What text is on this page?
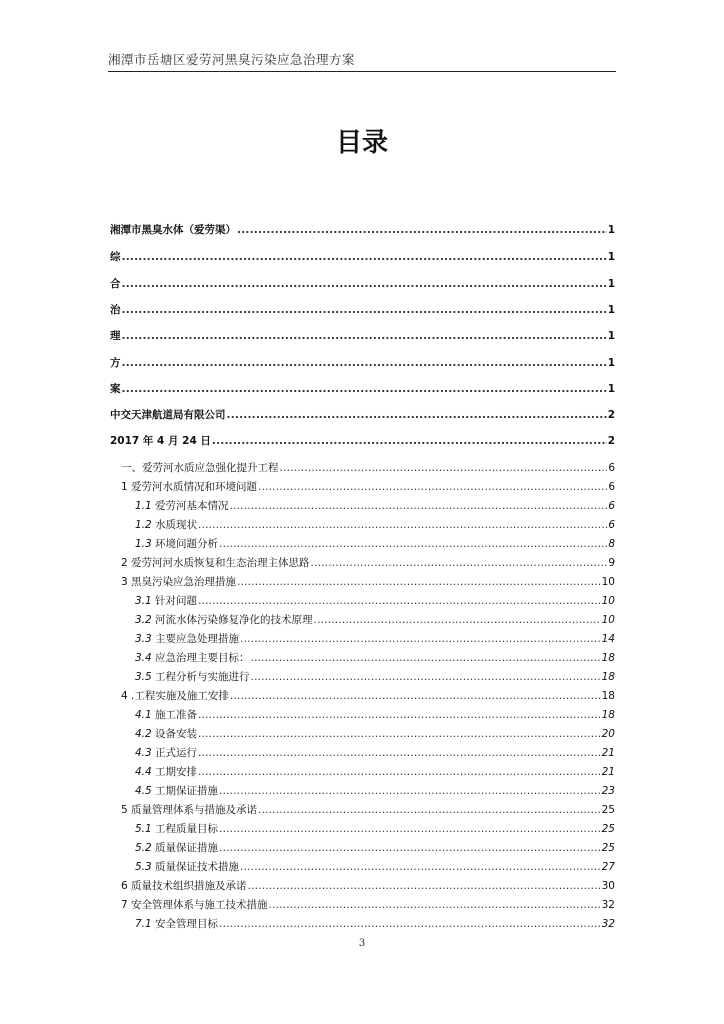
湘潭市岳塘区爱劳河黑臭污染应急治理方案
目录
湘潭市黑臭水体（爱劳渠） .....	1
综 .....	1
合 .....	1
治 .....	1
理 .....	1
方 .....	1
案 .....	1
中交天津航道局有限公司 .....	2
2017 年 4 月 24 日 .....	2
一、爱劳河水质应急强化提升工程 .....	6
1 爱劳河水质情况和环境问题 .....	6
1.1 爱劳河基本情况 .....	6
1.2 水质现状 .....	6
1.3 环境问题分析 .....	8
2 爱劳河河水质恢复和生态治理主体思路 .....	9
3 黑臭污染应急治理措施 .....	10
3.1 针对问题 .....	10
3.2 河流水体污染修复净化的技术原理 .....	10
3.3 主要应急处理措施 .....	14
3.4 应急治理主要目标： .....	18
3.5 工程分析与实施进行 .....	18
4 .工程实施及施工安排 .....	18
4.1 施工准备 .....	18
4.2 设备安装 .....	20
4.3 正式运行 .....	21
4.4 工期安排 .....	21
4.5 工期保证措施 .....	23
5 质量管理体系与措施及承诺 .....	25
5.1 工程质量目标 .....	25
5.2 质量保证措施 .....	25
5.3 质量保证技术措施 .....	27
6 质量技术组织措施及承诺 .....	30
7 安全管理体系与施工技术措施 .....	32
7.1 安全管理目标 .....	32
3
